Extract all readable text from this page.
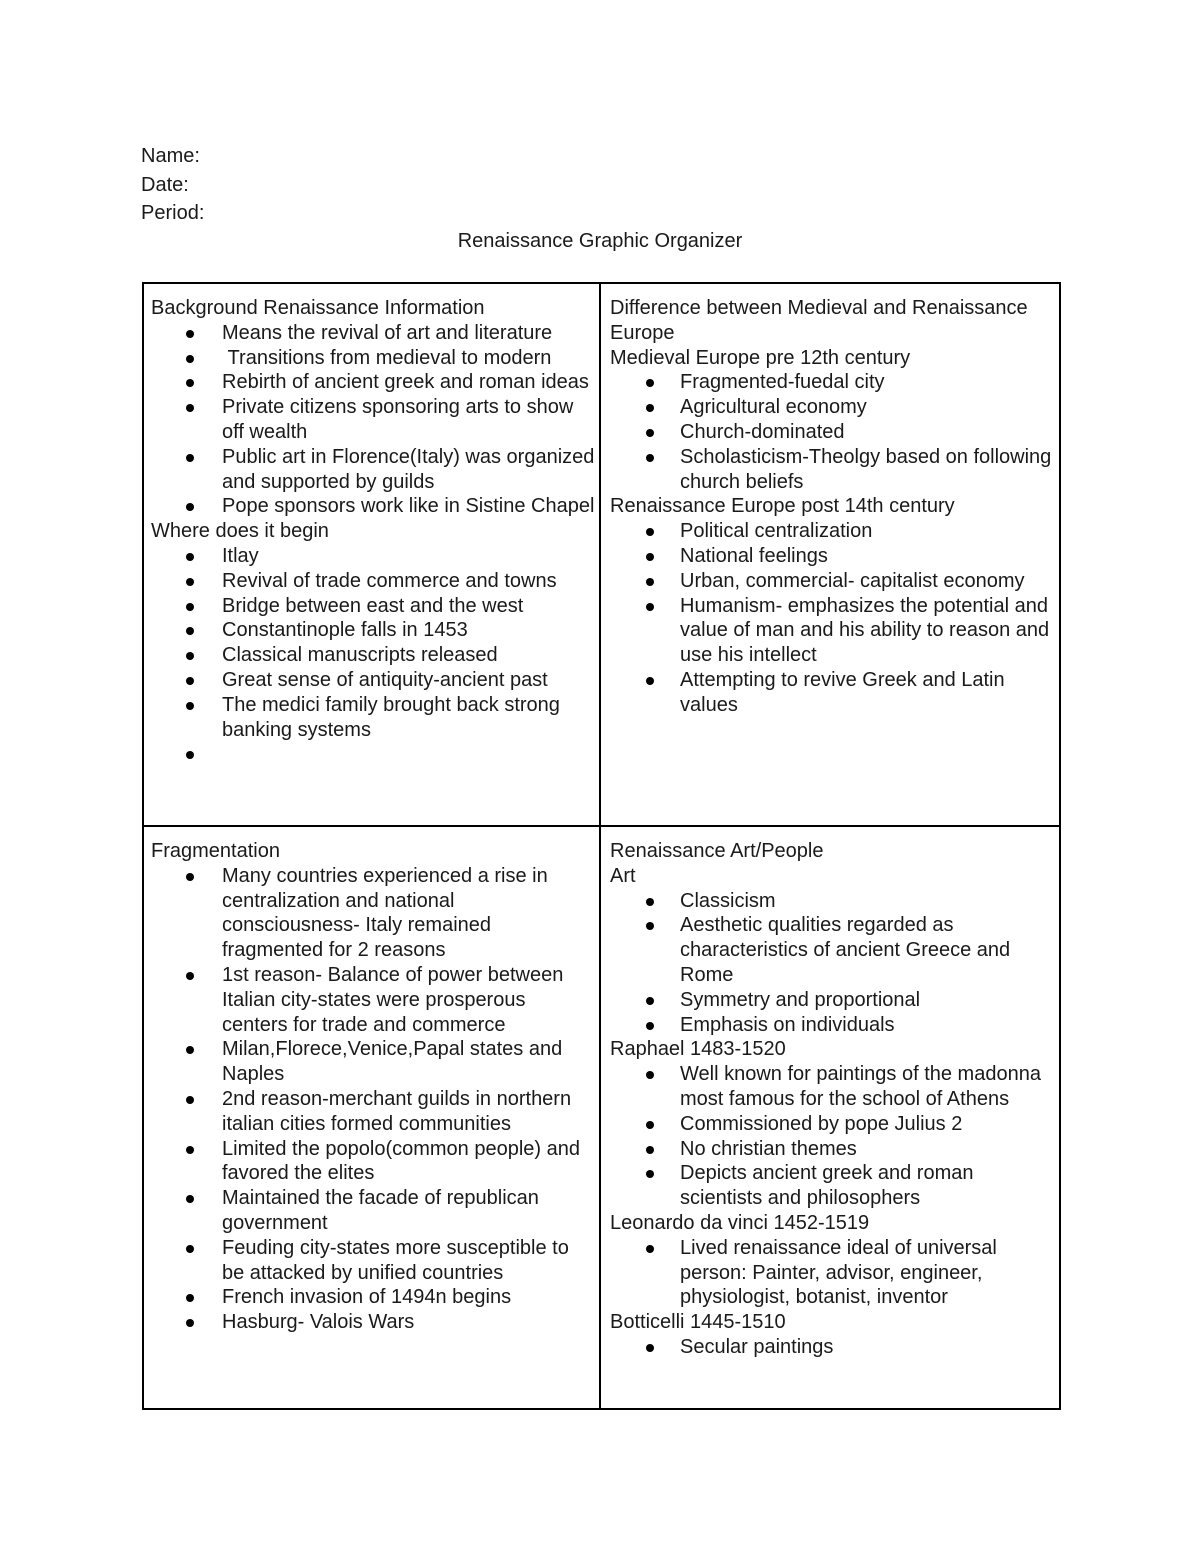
Name:
Date:
Period:
Renaissance Graphic Organizer
Background Renaissance Information
Means the revival of art and literature
Transitions from medieval to modern
Rebirth of ancient greek and roman ideas
Private citizens sponsoring arts to show off wealth
Public art in Florence(Italy) was organized and supported by guilds
Pope sponsors work like in Sistine Chapel
Where does it begin
Itlay
Revival of trade commerce and towns
Bridge between east and the west
Constantinople falls in 1453
Classical manuscripts released
Great sense of antiquity-ancient past
The medici family brought back strong banking systems

Difference between Medieval and Renaissance Europe
Medieval Europe pre 12th century
Fragmented-fuedal city
Agricultural economy
Church-dominated
Scholasticism-Theolgy based on following church beliefs
Renaissance Europe post 14th century
Political centralization
National feelings
Urban, commercial- capitalist economy
Humanism- emphasizes the potential and value of man and his ability to reason and use his intellect
Attempting to revive Greek and Latin values
Fragmentation
Many countries experienced a rise in centralization and national consciousness- Italy remained fragmented for 2 reasons
1st reason- Balance of power between Italian city-states were prosperous centers for trade and commerce
Milan,Florece,Venice,Papal states and Naples
2nd reason-merchant guilds in northern italian cities formed communities
Limited the popolo(common people) and favored the elites
Maintained the facade of republican government
Feuding city-states more susceptible to be attacked by unified countries
French invasion of 1494n begins
Hasburg- Valois Wars
Renaissance Art/People
Art
Classicism
Aesthetic qualities regarded as characteristics of ancient Greece and Rome
Symmetry and proportional
Emphasis on individuals
Raphael 1483-1520
Well known for paintings of the madonna most famous for the school of Athens
Commissioned by pope Julius 2
No christian themes
Depicts ancient greek and roman scientists and philosophers
Leonardo da vinci 1452-1519
Lived renaissance ideal of universal person: Painter, advisor, engineer, physiologist, botanist, inventor
Botticelli 1445-1510
Secular paintings
